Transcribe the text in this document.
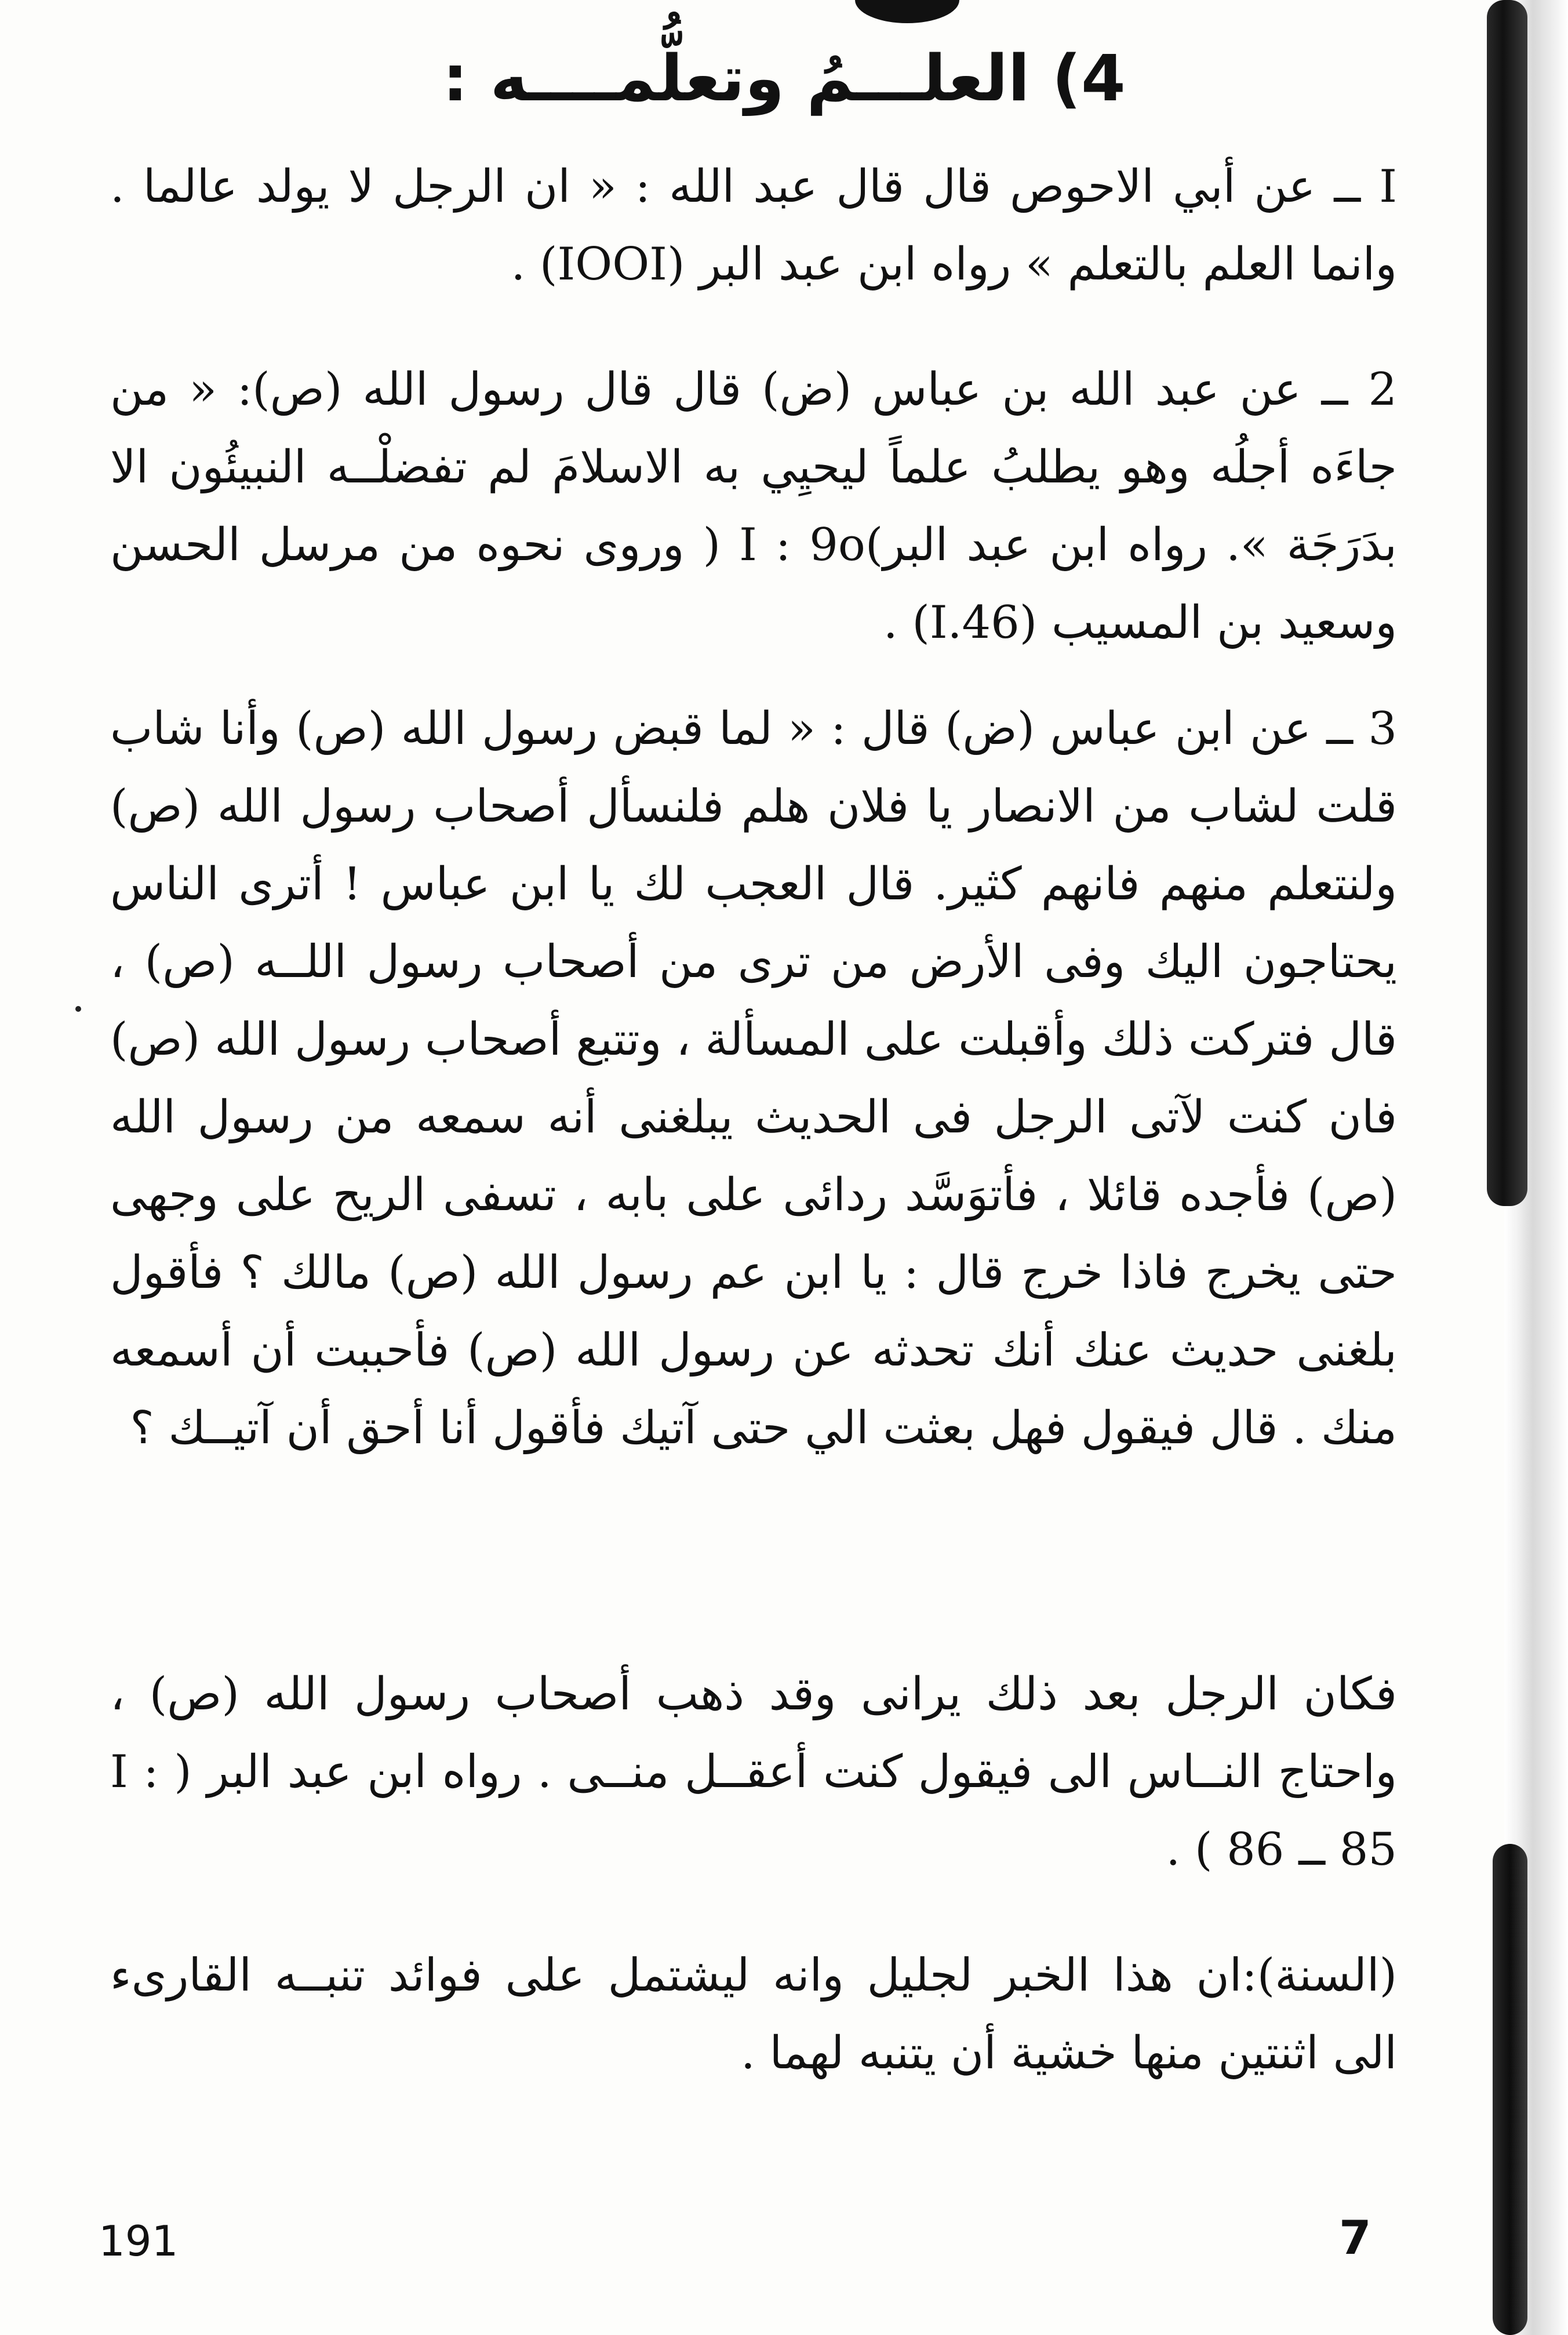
4) العلـــمُ وتعلُّمــــه :

I ــ عن أبي الاحوص قال قال عبد الله : « ان الرجل لا يولد عالما . وانما العلم بالتعلم » رواه ابن عبد البر (IOOI) .

2 ــ عن عبد الله بن عباس (ض) قال قال رسول الله (ص): « من جاءَه أجلُه وهو يطلبُ علماً ليحيِي به الاسلامَ لم تفضلْــه النبيئُون الا بدَرَجَة ». رواه ابن عبد البر)I : 9o ( وروى نحوه من مرسل الحسن وسعيد بن المسيب (46.I) .

3 ــ عن ابن عباس (ض) قال : « لما قبض رسول الله (ص) وأنا شاب قلت لشاب من الانصار يا فلان هلم فلنسأل أصحاب رسول الله (ص) ولنتعلم منهم فانهم كثير. قال العجب لك يا ابن عباس ! أترى الناس يحتاجون اليك وفى الأرض من ترى من أصحاب رسول اللــه (ص) ، قال فتركت ذلك وأقبلت على المسألة ، وتتبع أصحاب رسول الله (ص) فان كنت لآتى الرجل فى الحديث يبلغنى أنه سمعه من رسول الله (ص) فأجده قائلا ، فأتوَسَّد ردائى على بابه ، تسفى الريح على وجهى حتى يخرج فاذا خرج قال : يا ابن عم رسول الله (ص) مالك ؟ فأقول بلغنى حديث عنك أنك تحدثه عن رسول الله (ص) فأحببت أن أسمعه منك . قال فيقول فهل بعثت الي حتى آتيك فأقول أنا أحق أن آتيــك ؟

فكان الرجل بعد ذلك يرانى وقد ذهب أصحاب رسول الله (ص) ، واحتاج النــاس الى فيقول كنت أعقــل منــى . رواه ابن عبد البر ( I : 85 ــ 86 ) .

(السنة):ان هذا الخبر لجليل وانه ليشتمل على فوائد تنبــه القارىء الى اثنتين منها خشية أن يتنبه لهما .

191	7
